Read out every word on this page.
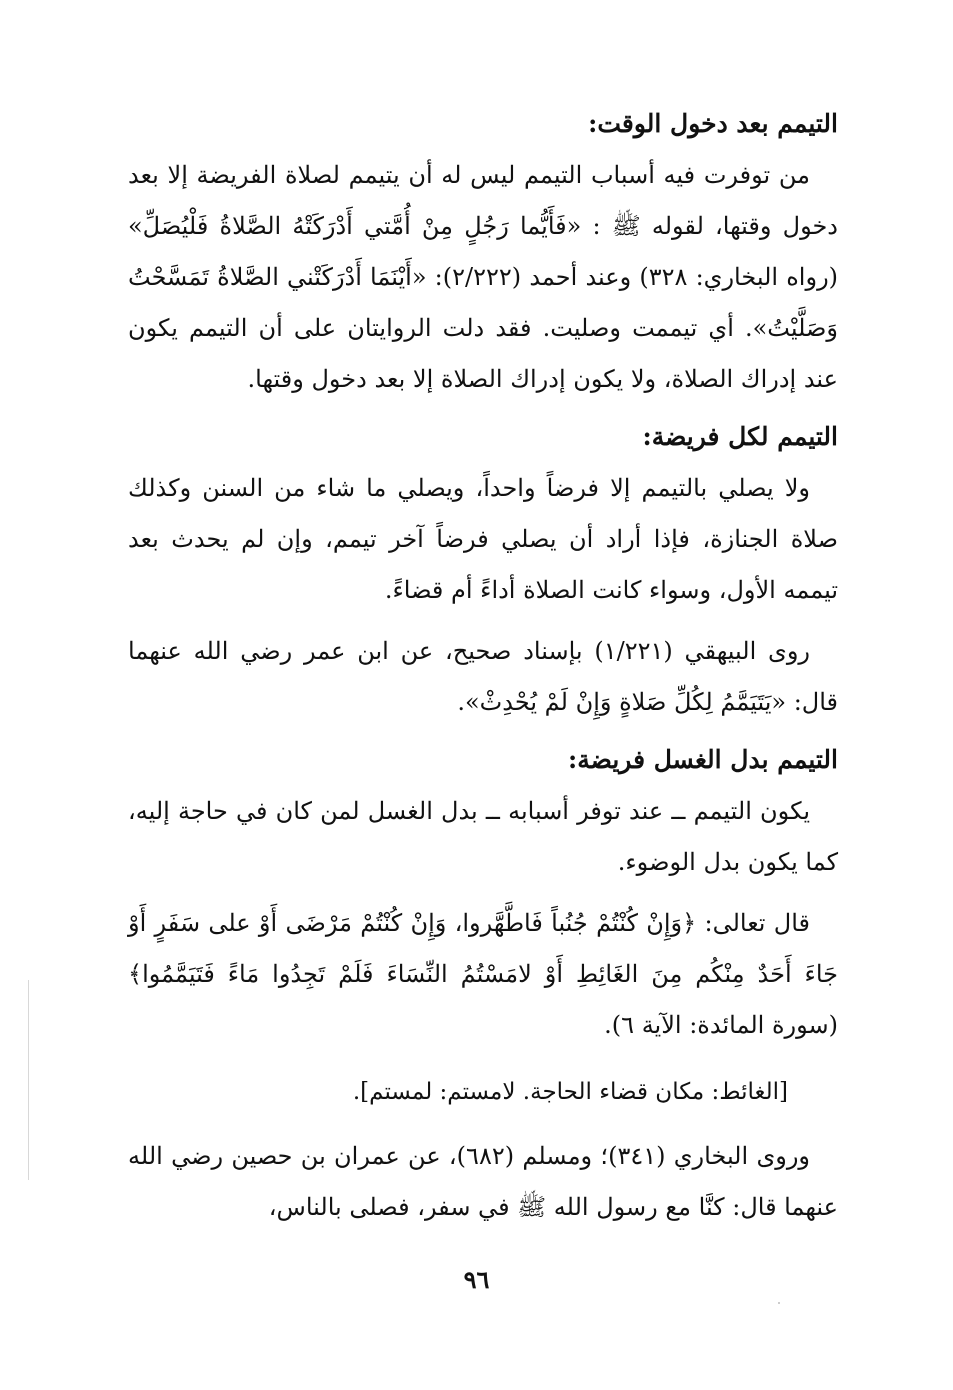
التيمم بعد دخول الوقت:

من توفرت فيه أسباب التيمم ليس له أن يتيمم لصلاة الفريضة إلا بعد دخول وقتها، لقوله ﷺ : «فَأَيُّما رَجُلٍ مِنْ أُمَّتي أَدْرَكَتْهُ الصَّلاةُ فَلْيُصَلِّ» (رواه البخاري: ٣٢٨) وعند أحمد (٢/٢٢٢): «أَيْنَمَا أَدْرَكَتْني الصَّلاةُ تَمَسَّحْتُ وَصَلَّيْتُ». أي تيممت وصليت. فقد دلت الروايتان على أن التيمم يكون عند إدراك الصلاة، ولا يكون إدراك الصلاة إلا بعد دخول وقتها.

التيمم لكل فريضة:

ولا يصلي بالتيمم إلا فرضاً واحداً، ويصلي ما شاء من السنن وكذلك صلاة الجنازة، فإذا أراد أن يصلي فرضاً آخر تيمم، وإن لم يحدث بعد تيممه الأول، وسواء كانت الصلاة أداءً أم قضاءً.

روى البيهقي (١/٢٢١) بإسناد صحيح، عن ابن عمر رضي الله عنهما قال: «يَتَيَمَّمُ لِكُلِّ صَلاةٍ وَإِنْ لَمْ يُحْدِثْ».

التيمم بدل الغسل فريضة:

يكون التيمم ــ عند توفر أسبابه ــ بدل الغسل لمن كان في حاجة إليه، كما يكون بدل الوضوء.

قال تعالى: ﴿وَإِنْ كُنْتُمْ جُنُباً فَاطَّهَّروا، وَإِنْ كُنْتُمْ مَرْضَى أَوْ على سَفَرٍ أَوْ جَاءَ أَحَدٌ مِنْكُم مِنَ الغَائِطِ أَوْ لامَسْتُمُ النِّسَاءَ فَلَمْ تَجِدُوا مَاءً فَتَيَمَّمُوا﴾ (سورة المائدة: الآية ٦).

[الغائط: مكان قضاء الحاجة. لامستم: لمستم].

وروى البخاري (٣٤١)؛ ومسلم (٦٨٢)، عن عمران بن حصين رضي الله عنهما قال: كنَّا مع رسول الله ﷺ في سفر، فصلى بالناس،

٩٦
